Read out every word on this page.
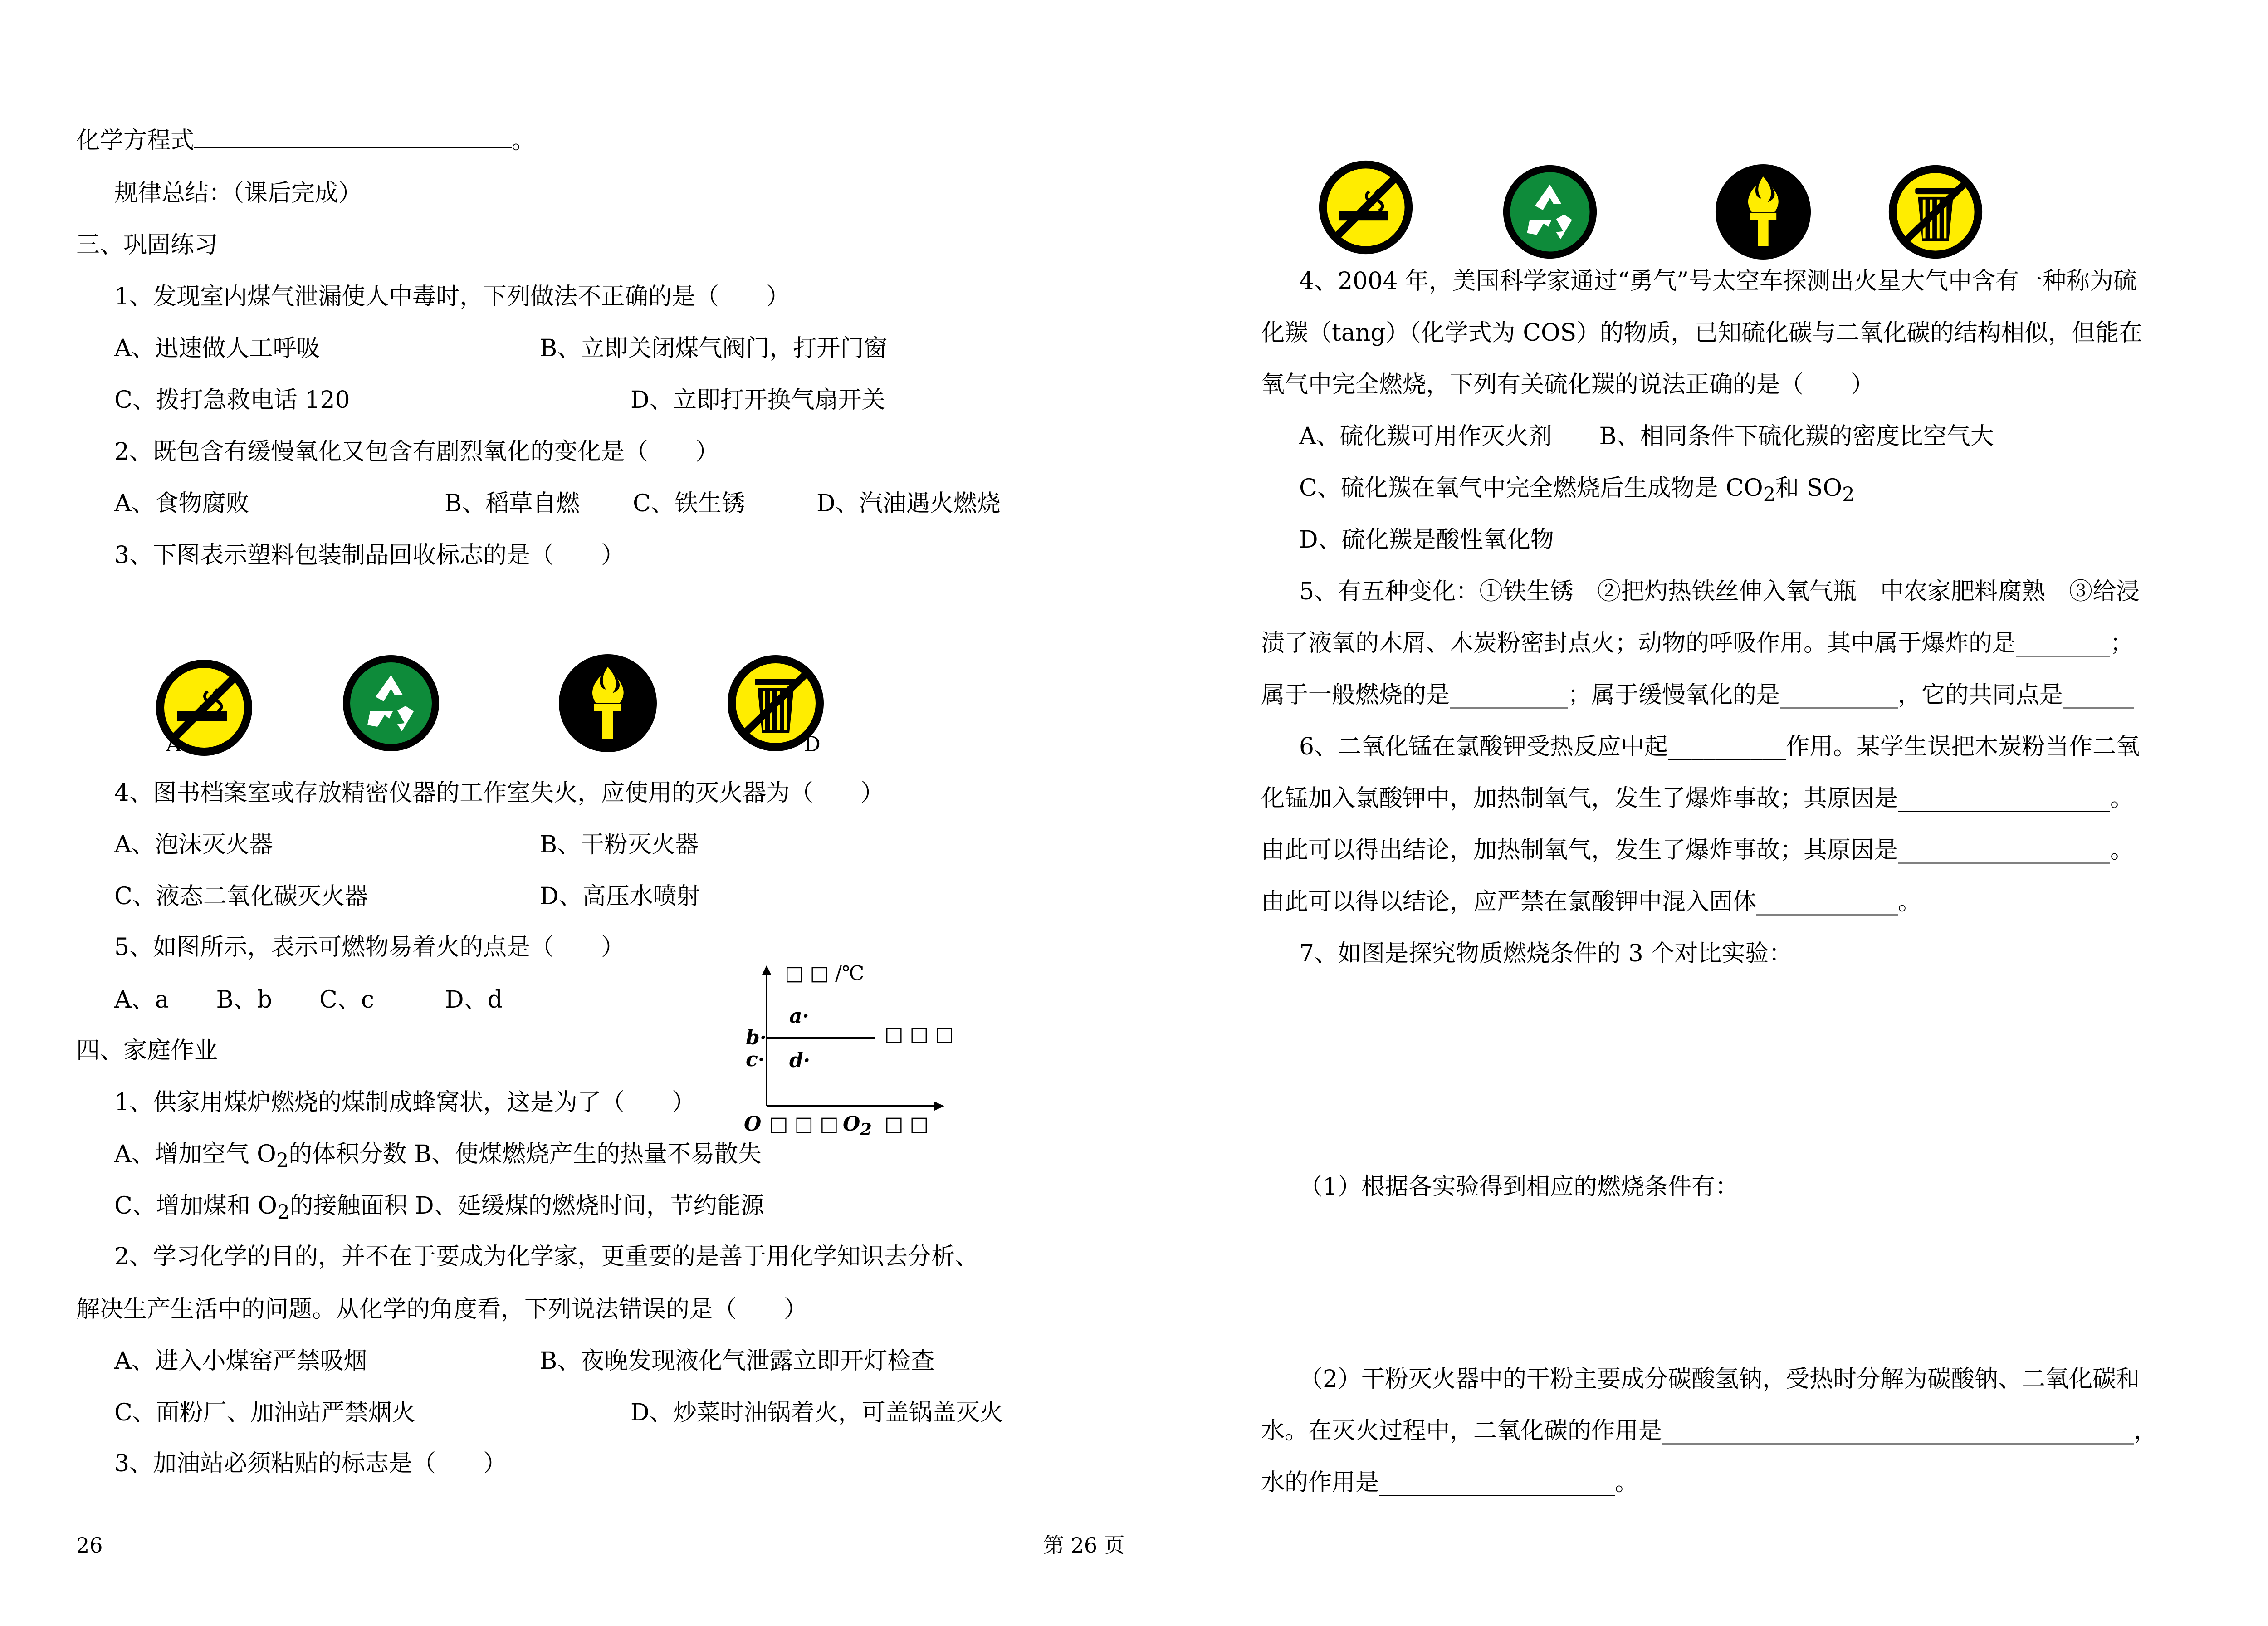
化学方程式	。
规律总结：（课后完成）
三、巩固练习
1、发现室内煤气泄漏使人中毒时，下列做法不正确的是（　　）
A、迅速做人工呼吸	B、立即关闭煤气阀门，打开门窗
C、拨打急救电话 120	D、立即打开换气扇开关
2、既包含有缓慢氧化又包含有剧烈氧化的变化是（　　）
A、食物腐败	B、稻草自燃 C、铁生锈	D、汽油遇火燃烧
3、下图表示塑料包装制品回收标志的是（　　）
A	D
4、图书档案室或存放精密仪器的工作室失火，应使用的灭火器为（　　）
A、泡沫灭火器	B、干粉灭火器
C、液态二氧化碳灭火器	D、高压水喷射
5、如图所示，表示可燃物易着火的点是（　　）
A、a　　B、b　　C、c　　　D、d
□ □ /℃
a·
b·
c· d·
□ □ □
O □ □ □ $O_2$ □ □
四、家庭作业
1、供家用煤炉燃烧的煤制成蜂窝状，这是为了（　　）
A、增加空气 $O_2$的体积分数 B、使煤燃烧产生的热量不易散失
C、增加煤和 $O_2$的接触面积 D、延缓煤的燃烧时间，节约能源
2、学习化学的目的，并不在于要成为化学家，更重要的是善于用化学知识去分析、
解决生产生活中的问题。从化学的角度看，下列说法错误的是（　　）
A、进入小煤窑严禁吸烟	B、夜晚发现液化气泄露立即开灯检查
C、面粉厂、加油站严禁烟火	D、炒菜时油锅着火，可盖锅盖灭火
3、加油站必须粘贴的标志是（　　）
4、2004 年，美国科学家通过“勇气”号太空车探测出火星大气中含有一种称为硫
化羰（tang）（化学式为 COS）的物质，已知硫化碳与二氧化碳的结构相似，但能在
氧气中完全燃烧，下列有关硫化羰的说法正确的是（　　）
A、硫化羰可用作灭火剂　　B、相同条件下硫化羰的密度比空气大
C、硫化羰在氧气中完全燃烧后生成物是 $CO_2$和 $SO_2$
D、硫化羰是酸性氧化物
5、有五种变化：①铁生锈　②把灼热铁丝伸入氧气瓶　中农家肥料腐熟　③给浸
渍了液氧的木屑、木炭粉密封点火；动物的呼吸作用。其中属于爆炸的是________；
属于一般燃烧的是__________；属于缓慢氧化的是__________，它的共同点是______
6、二氧化锰在氯酸钾受热反应中起__________作用。某学生误把木炭粉当作二氧
化锰加入氯酸钾中，加热制氧气，发生了爆炸事故；其原因是__________________。
由此可以得出结论，加热制氧气，发生了爆炸事故；其原因是__________________。
由此可以得以结论，应严禁在氯酸钾中混入固体____________。
7、如图是探究物质燃烧条件的 3 个对比实验：
（1）根据各实验得到相应的燃烧条件有：
（2）干粉灭火器中的干粉主要成分碳酸氢钠，受热时分解为碳酸钠、二氧化碳和
水。在灭火过程中，二氧化碳的作用是________________________________________，
水的作用是____________________。
26	第 26 页
